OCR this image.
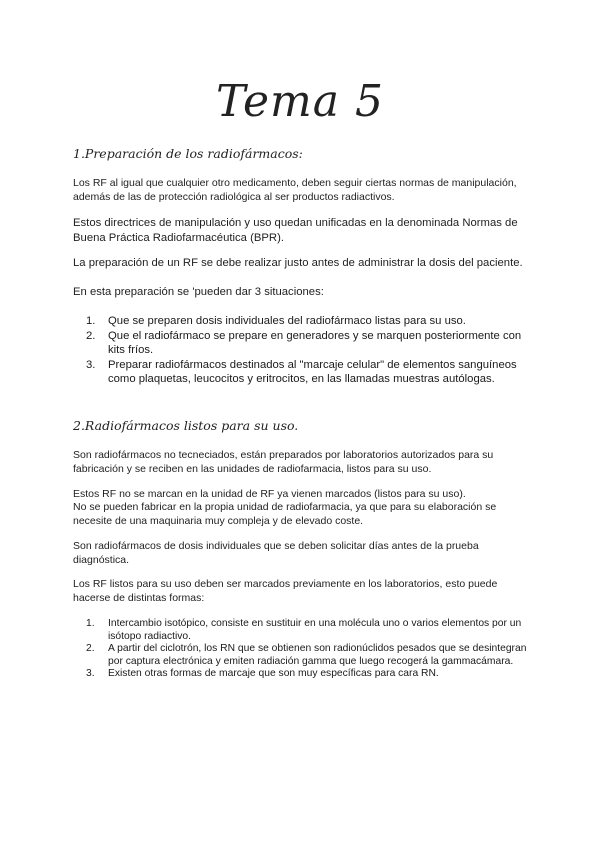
Tema 5
1.Preparación de los radiofármacos:

Los RF al igual que cualquier otro medicamento, deben seguir ciertas normas de manipulación, además de las de protección radiológica al ser productos radiactivos.

Estos directrices de manipulación y uso quedan unificadas en la denominada Normas de Buena Práctica Radiofarmacéutica (BPR).

La preparación de un RF se debe realizar justo antes de administrar la dosis del paciente.

En esta preparación se 'pueden dar 3 situaciones:

1. Que se preparen dosis individuales del radiofármaco listas para su uso.
2. Que el radiofármaco se prepare en generadores y se marquen posteriormente con kits fríos.
3. Preparar radiofármacos destinados al "marcaje celular" de elementos sanguíneos como plaquetas, leucocitos y eritrocitos, en las llamadas muestras autólogas.
2.Radiofármacos listos para su uso.

Son radiofármacos no tecneciados, están preparados por laboratorios autorizados para su fabricación y se reciben en las unidades de radiofarmacia, listos para su uso.

Estos RF no se marcan en la unidad de RF ya vienen marcados (listos para su uso).

No se pueden fabricar en la propia unidad de radiofarmacia, ya que para su elaboración se necesite de una maquinaria muy compleja y de elevado coste.

Son radiofármacos de dosis individuales que se deben solicitar días antes de la prueba diagnóstica.

Los RF listos para su uso deben ser marcados previamente en los laboratorios, esto puede hacerse de distintas formas:

1. Intercambio isotópico, consiste en sustituir en una molécula uno o varios elementos por un isótopo radiactivo.
2. A partir del ciclotrón, los RN que se obtienen son radionúclidos pesados que se desintegran por captura electrónica y emiten radiación gamma que luego recogerá la gammacámara.
3. Existen otras formas de marcaje que son muy específicas para cara RN.
